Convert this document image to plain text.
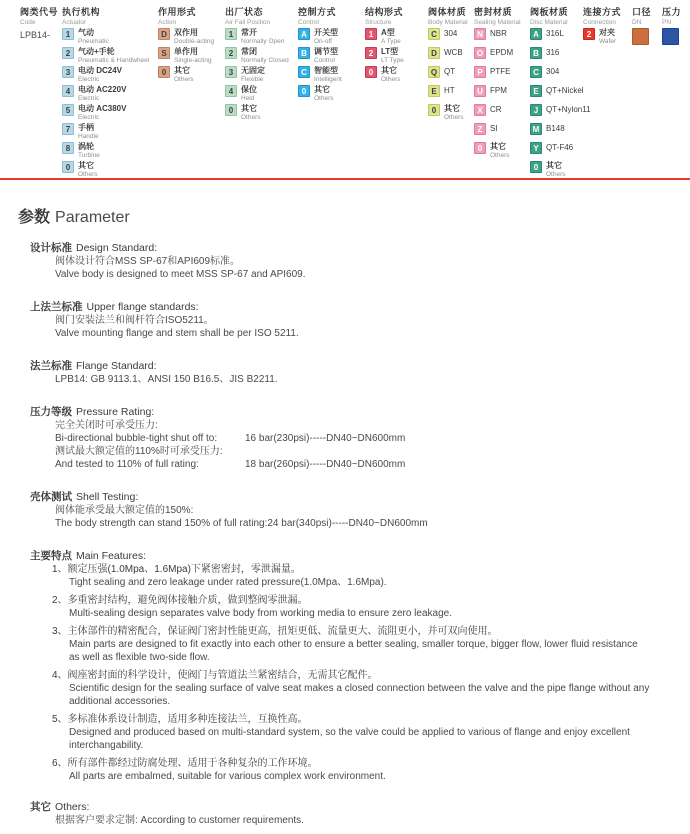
阀类代号
Code
LPB14-
执行机构
Actuator
1 气动
Pneumatic
2 气动+手轮
Pneumatic & Handwheel
3 电动 DC24V
Electric
4 电动 AC220V
Electric
5 电动 AC380V
Electric
7 手柄
Handle
8 涡轮
Turbine
0 其它
Others
作用形式
Action
D 双作用
Double-acting
S 单作用
Single-acting
0 其它
Others
出厂状态
Air Fail Position
1 常开
Normally Open
2 常闭
Normally Closed
3 无固定
Flexible
4 保位
Held
0 其它
Others
控制方式
Control
A 开关型
On-off
B 调节型
Control
C 智能型
Intelligent
0 其它
Others
结构形式
Structure
1 A型
A Type
2 LT型
LT Type
0 其它
Others
阀体材质
Body Material
C 304
D WCB
Q QT
E HT
0 其它
Others
密封材质
Sealing Material
N NBR
O EPDM
P PTFE
U FPM
X CR
Z SI
0 其它
Others
阀板材质
Disc Material
A 316L
B 316
C 304
E QT+Nickel
J QT+Nylon11
M B148
Y QT-F46
0 其它
Others
连接方式
Connection
2 对夹
Wafer
口径
DN
压力
PN
参数 Parameter
设计标准 Design Standard:
阀体设计符合MSS SP-67和API609标准。
Valve body is designed to meet MSS SP-67 and API609.
上法兰标准 Upper flange standards:
阀门安装法兰和阀杆符合ISO5211。
Valve mounting flange and stem shall be per ISO 5211.
法兰标准 Flange Standard:
LPB14: GB 9113.1、ANSI 150 B16.5、JIS B2211.
压力等级 Pressure Rating:
完全关闭时可承受压力:
Bi-directional bubble-tight shut off to:	16 bar(230psi)-----DN40~DN600mm
测试最大额定值的110%时可承受压力:
And tested to 110% of full rating:	18 bar(260psi)-----DN40~DN600mm
壳体测试 Shell Testing:
阀体能承受最大额定值的150%:
The body strength can stand 150% of full rating: 24 bar(340psi)-----DN40~DN600mm
主要特点 Main Features:
1、额定压强(1.0Mpa、1.6Mpa)下紧密密封，零泄漏量。
Tight sealing and zero leakage under rated pressure(1.0Mpa、1.6Mpa).
2、多重密封结构，避免阀体接触介质，做到整阀零泄漏。
Multi-sealing design separates valve body from working media to ensure zero leakage.
3、主体部件的精密配合，保证阀门密封性能更高，扭矩更低、流量更大、流阻更小，并可双向使用。
Main parts are designed to fit exactly into each other to ensure a better sealing, smaller torque, bigger flow, lower fluid resistance as well as flexible two-side flow.
4、阀座密封面的科学设计，使阀门与管道法兰紧密结合，无需其它配件。
Scientific design for the sealing surface of valve seat makes a closed connection between the valve and the pipe flange without any additional accessories.
5、多标准体系设计制造，适用多种连接法兰，互换性高。
Designed and produced based on multi-standard system, so the valve could be applied to various of flange and enjoy excellent interchangability.
6、所有部件都经过防腐处理、适用于各种复杂的工作环境。
All parts are embalmed, suitable for various complex work environment.
其它 Others:
根据客户要求定制: According to customer requirements.
